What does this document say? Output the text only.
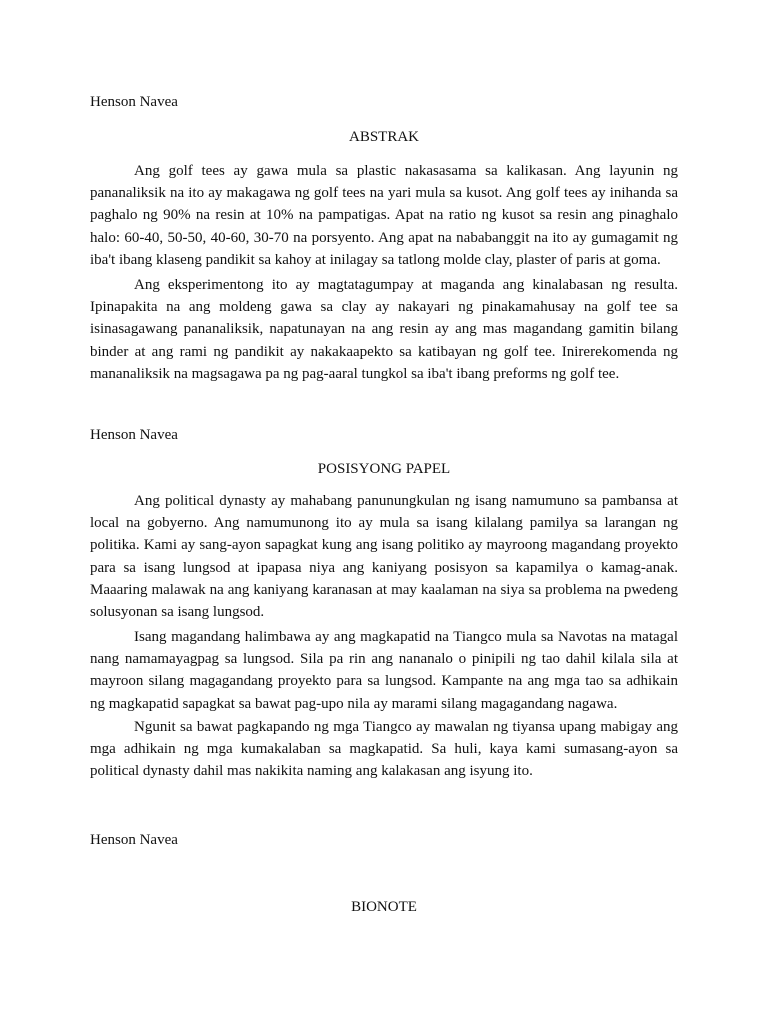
Henson Navea

ABSTRAK

Ang golf tees ay gawa mula sa plastic nakasasama sa kalikasan. Ang layunin ng pananaliksik na ito ay makagawa ng golf tees na yari mula sa kusot. Ang golf tees ay inihanda sa paghalo ng 90% na resin at 10% na pampatigas. Apat na ratio ng kusot sa resin ang pinaghalo halo: 60-40, 50-50, 40-60, 30-70 na porsyento. Ang apat na nababanggit na ito ay gumagamit ng iba't ibang klaseng pandikit sa kahoy at inilagay sa tatlong molde clay, plaster of paris at goma.

Ang eksperimentong ito ay magtatagumpay at maganda ang kinalabasan ng resulta. Ipinapakita na ang moldeng gawa sa clay ay nakayari ng pinakamahusay na golf tee sa isinasagawang pananaliksik, napatunayan na ang resin ay ang mas magandang gamitin bilang binder at ang rami ng pandikit ay nakakaapekto sa katibayan ng golf tee. Inirerekomenda ng mananaliksik na magsagawa pa ng pag-aaral tungkol sa iba't ibang preforms ng golf tee.

Henson Navea

POSISYONG PAPEL

Ang political dynasty ay mahabang panunungkulan ng isang namumuno sa pambansa at local na gobyerno. Ang namumunong ito ay mula sa isang kilalang pamilya sa larangan ng politika. Kami ay sang-ayon sapagkat kung ang isang politiko ay mayroong magandang proyekto para sa isang lungsod at ipapasa niya ang kaniyang posisyon sa kapamilya o kamag-anak. Maaaring malawak na ang kaniyang karanasan at may kaalaman na siya sa problema na pwedeng solusyonan sa isang lungsod.

Isang magandang halimbawa ay ang magkapatid na Tiangco mula sa Navotas na matagal nang namamayagpag sa lungsod. Sila pa rin ang nananalo o pinipili ng tao dahil kilala sila at mayroon silang magagandang proyekto para sa lungsod. Kampante na ang mga tao sa adhikain ng magkapatid sapagkat sa bawat pag-upo nila ay marami silang magagandang nagawa.

Ngunit sa bawat pagkapando ng mga Tiangco ay mawalan ng tiyansa upang mabigay ang mga adhikain ng mga kumakalaban sa magkapatid. Sa huli, kaya kami sumasang-ayon sa political dynasty dahil mas nakikita naming ang kalakasan ang isyung ito.

Henson Navea

BIONOTE
